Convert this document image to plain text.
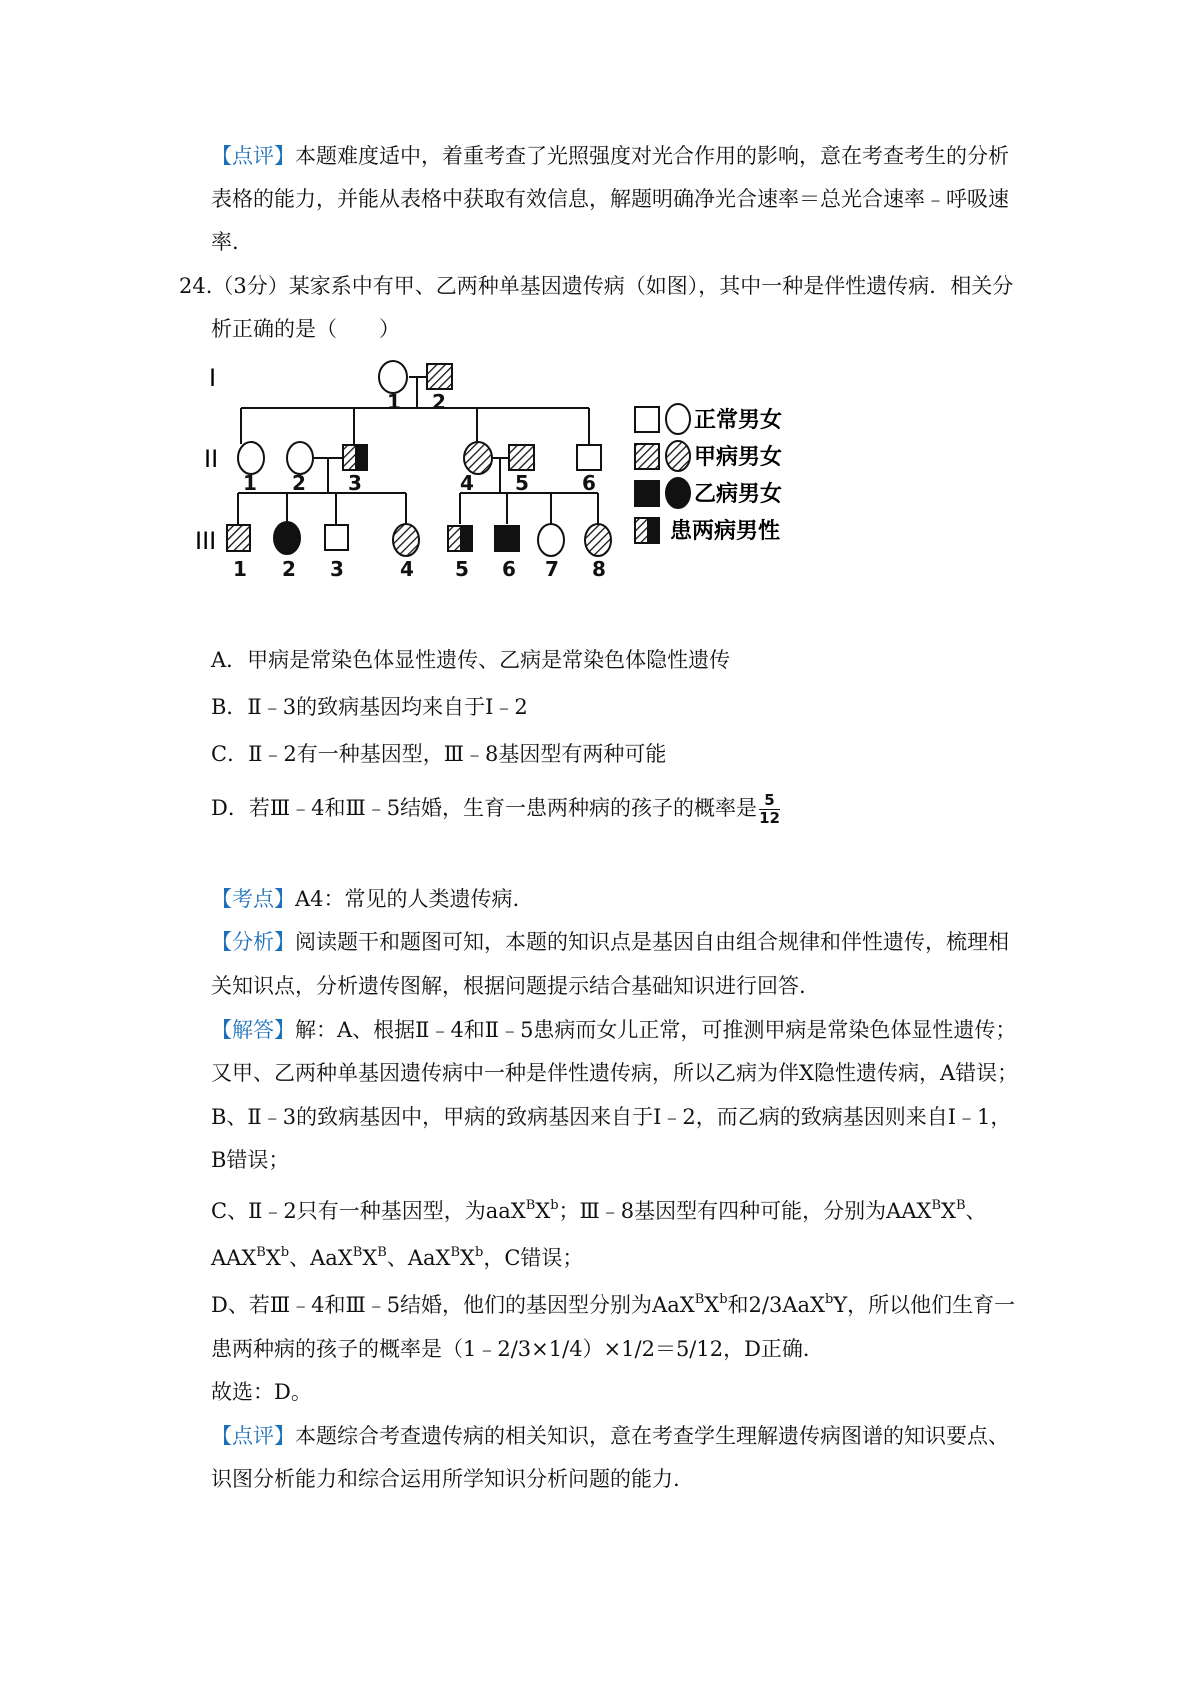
【点评】本题难度适中，着重考查了光照强度对光合作用的影响，意在考查考生的分析
表格的能力，并能从表格中获取有效信息，解题明确净光合速率＝总光合速率﹣呼吸速
率.
24.（3分）某家系中有甲、乙两种单基因遗传病（如图），其中一种是伴性遗传病．相关分
析正确的是（　　）
I
II
III
1 2
1 2 3	4 5	6
1 2 3	4 5 6 7 8
正常男女
甲病男女
乙病男女
患两病男性
A．甲病是常染色体显性遗传、乙病是常染色体隐性遗传
B．Ⅱ﹣3的致病基因均来自于Ⅰ﹣2
C．Ⅱ﹣2有一种基因型，Ⅲ﹣8基因型有两种可能
D．若Ⅲ﹣4和Ⅲ﹣5结婚，生育一患两种病的孩子的概率是 $\frac{5}{12}$
【考点】A4：常见的人类遗传病.
【分析】阅读题干和题图可知，本题的知识点是基因自由组合规律和伴性遗传，梳理相
关知识点，分析遗传图解，根据问题提示结合基础知识进行回答.
【解答】解：A、根据Ⅱ﹣4和Ⅱ﹣5患病而女儿正常，可推测甲病是常染色体显性遗传；
又甲、乙两种单基因遗传病中一种是伴性遗传病，所以乙病为伴X隐性遗传病，A错误；
B、Ⅱ﹣3的致病基因中，甲病的致病基因来自于Ⅰ﹣2，而乙病的致病基因则来自Ⅰ﹣1，
B错误；
C、Ⅱ﹣2只有一种基因型，为$aaX^BX^b$；Ⅲ﹣8基因型有四种可能，分别为$AAX^BX^B$、
$AAX^BX^b$、$AaX^BX^B$、$AaX^BX^b$，C错误；
D、若Ⅲ﹣4和Ⅲ﹣5结婚，他们的基因型分别为$AaX^BX^b$和2/3AaX$^b$Y，所以他们生育一
患两种病的孩子的概率是（1﹣2/3×1/4）×1/2＝5/12，D正确．
故选：D。
【点评】本题综合考查遗传病的相关知识，意在考查学生理解遗传病图谱的知识要点、
识图分析能力和综合运用所学知识分析问题的能力.
